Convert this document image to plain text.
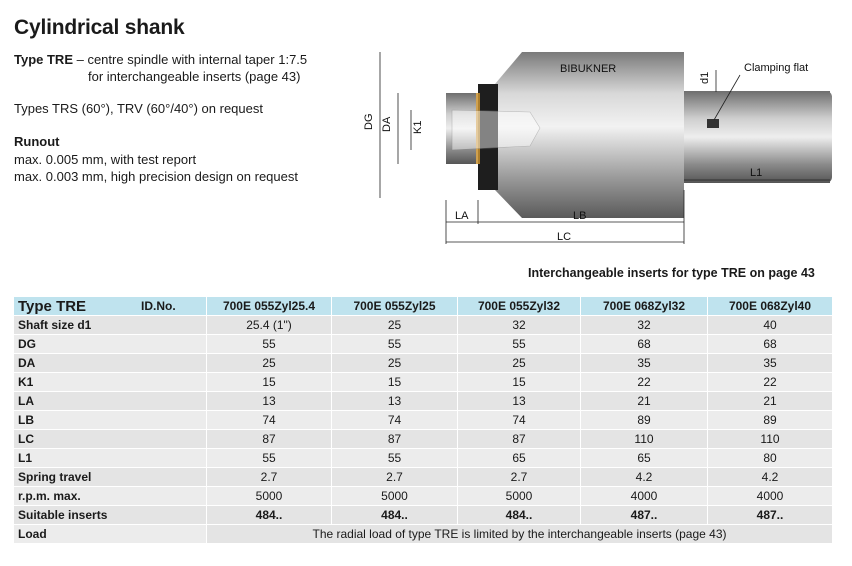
Cylindrical shank
Type TRE – centre spindle with internal taper 1:7.5
for interchangeable inserts (page 43)
Types TRS (60°), TRV (60°/40°) on request
Runout
max. 0.005 mm, with test report
max. 0.003 mm, high precision design on request
BIBUKNER
DG DA K1
LA	LB
LC
L1
d1
Clamping flat
Interchangeable inserts for type TRE on page 43
Type TRE	ID.No.	700E 055Zyl25.4	700E 055Zyl25	700E 055Zyl32	700E 068Zyl32	700E 068Zyl40
Shaft size d1		25.4 (1")	25	32	32	40
DG		55	55	55	68	68
DA		25	25	25	35	35
K1		15	15	15	22	22
LA		13	13	13	21	21
LB		74	74	74	89	89
LC		87	87	87	110	110
L1		55	55	65	65	80
Spring travel		2.7	2.7	2.7	4.2	4.2
r.p.m. max.		5000	5000	5000	4000	4000
Suitable inserts		484..	484..	484..	487..	487..
Load		The radial load of type TRE is limited by the interchangeable inserts (page 43)				
